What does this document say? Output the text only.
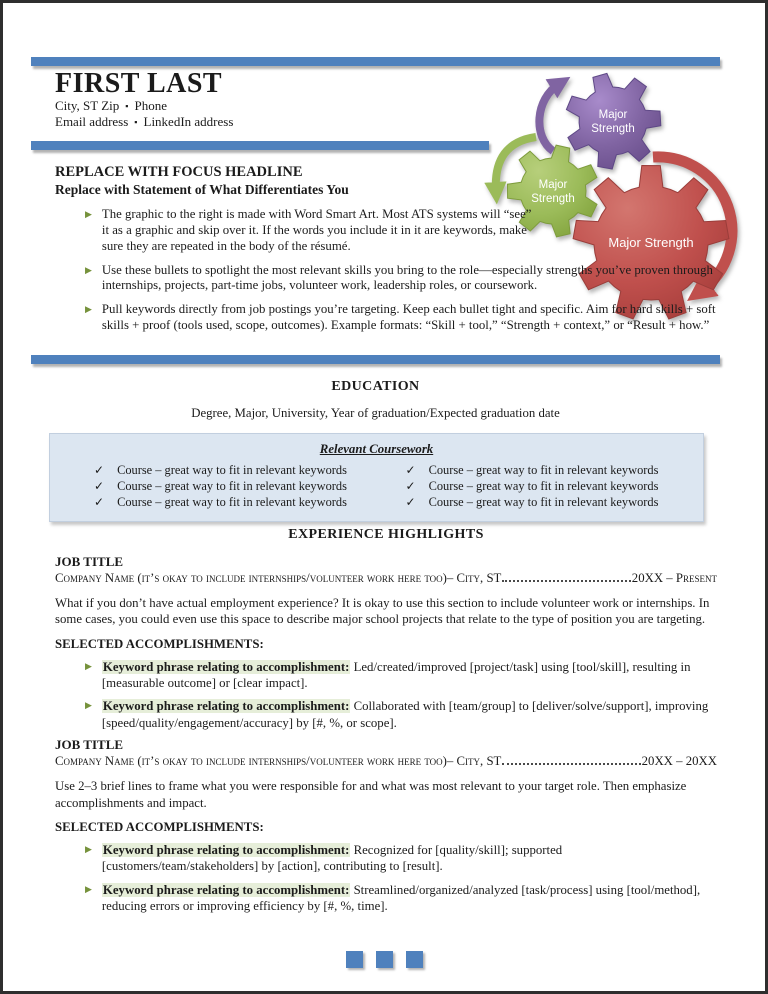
FIRST LAST
City, ST Zip ▪ Phone
Email address ▪ LinkedIn address
Major Strength
Major Strength
Major Strength
REPLACE WITH FOCUS HEADLINE
Replace with Statement of What Differentiates You
▶ The graphic to the right is made with Word Smart Art. Most ATS systems will “see” it as a graphic and skip over it. If the words you include it in it are keywords, make sure they are repeated in the body of the résumé.
▶ Use these bullets to spotlight the most relevant skills you bring to the role—especially strengths you’ve proven through internships, projects, part-time jobs, volunteer work, leadership roles, or coursework.
▶ Pull keywords directly from job postings you’re targeting. Keep each bullet tight and specific. Aim for hard skills + soft skills + proof (tools used, scope, outcomes). Example formats: “Skill + tool,” “Strength + context,” or “Result + how.”
EDUCATION

Degree, Major, University, Year of graduation/Expected graduation date

Relevant Coursework
✓ Course – great way to fit in relevant keywords	✓ Course – great way to fit in relevant keywords
✓ Course – great way to fit in relevant keywords	✓ Course – great way to fit in relevant keywords
✓ Course – great way to fit in relevant keywords	✓ Course – great way to fit in relevant keywords
EXPERIENCE HIGHLIGHTS
JOB TITLE
Company Name (it’s okay to include internships/volunteer work here too)– City, ST	20XX – Present

What if you don’t have actual employment experience? It is okay to use this section to include volunteer work or internships. In some cases, you could even use this space to describe major school projects that relate to the type of position you are targeting.

SELECTED ACCOMPLISHMENTS:
▶ Keyword phrase relating to accomplishment: Led/created/improved [project/task] using [tool/skill], resulting in [measurable outcome] or [clear impact].
▶ Keyword phrase relating to accomplishment: Collaborated with [team/group] to [deliver/solve/support], improving [speed/quality/engagement/accuracy] by [#, %, or scope].
JOB TITLE
Company Name (it’s okay to include internships/volunteer work here too)– City, ST	20XX – 20XX

Use 2–3 brief lines to frame what you were responsible for and what was most relevant to your target role. Then emphasize accomplishments and impact.

SELECTED ACCOMPLISHMENTS:
▶ Keyword phrase relating to accomplishment: Recognized for [quality/skill]; supported [customers/team/stakeholders] by [action], contributing to [result].
▶ Keyword phrase relating to accomplishment: Streamlined/organized/analyzed [task/process] using [tool/method], reducing errors or improving efficiency by [#, %, time].
